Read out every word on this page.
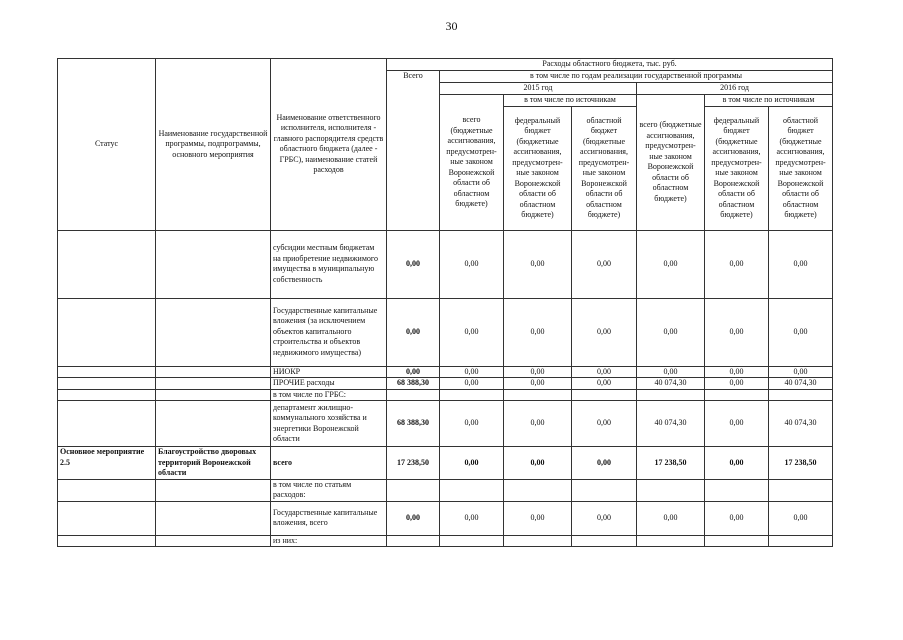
30
Статус	Наименование государственной программы, подпрограммы, основного мероприятия	Наименование ответственного исполнителя, исполнителя - главного распорядителя средств областного бюджета (далее - ГРБС), наименование статей расходов	Расходы областного бюджета, тыс. руб.						
			Всего	в том числе по годам реализации государственной программы					
				2015 год			2016 год		
				всего (бюджетные ассигнования, предусмотрен-ные законом Воронежской области об областном бюджете)	в том числе по источникам		всего (бюджетные ассигнования, предусмотрен-ные законом Воронежской области об областном бюджете)	в том числе по источникам	
					федеральный бюджет (бюджетные ассигнования, предусмотрен-ные законом Воронежской области об областном бюджете)	областной бюджет (бюджетные ассигнования, предусмотрен-ные законом Воронежской области об областном бюджете)		федеральный бюджет (бюджетные ассигнования, предусмотрен-ные законом Воронежской области об областном бюджете)	областной бюджет (бюджетные ассигнования, предусмотрен-ные законом Воронежской области об областном бюджете)
		субсидии местным бюджетам на приобретение недвижимого имущества в муниципальную собственность	0,00	0,00	0,00	0,00	0,00	0,00	0,00
		Государственные капитальные вложения (за исключением объектов капитального строительства и объектов недвижимого имущества)	0,00	0,00	0,00	0,00	0,00	0,00	0,00
		НИОКР	0,00	0,00	0,00	0,00	0,00	0,00	0,00
		ПРОЧИЕ расходы	68 388,30	0,00	0,00	0,00	40 074,30	0,00	40 074,30
		в том числе по ГРБС:							
		департамент жилищно-коммунального хозяйства и энергетики Воронежской области	68 388,30	0,00	0,00	0,00	40 074,30	0,00	40 074,30
Основное мероприятие 2.5	Благоустройство дворовых территорий Воронежской области	всего	17 238,50	0,00	0,00	0,00	17 238,50	0,00	17 238,50
		в том числе по статьям расходов:							
		Государственные капитальные вложения, всего	0,00	0,00	0,00	0,00	0,00	0,00	0,00
		из них:							
